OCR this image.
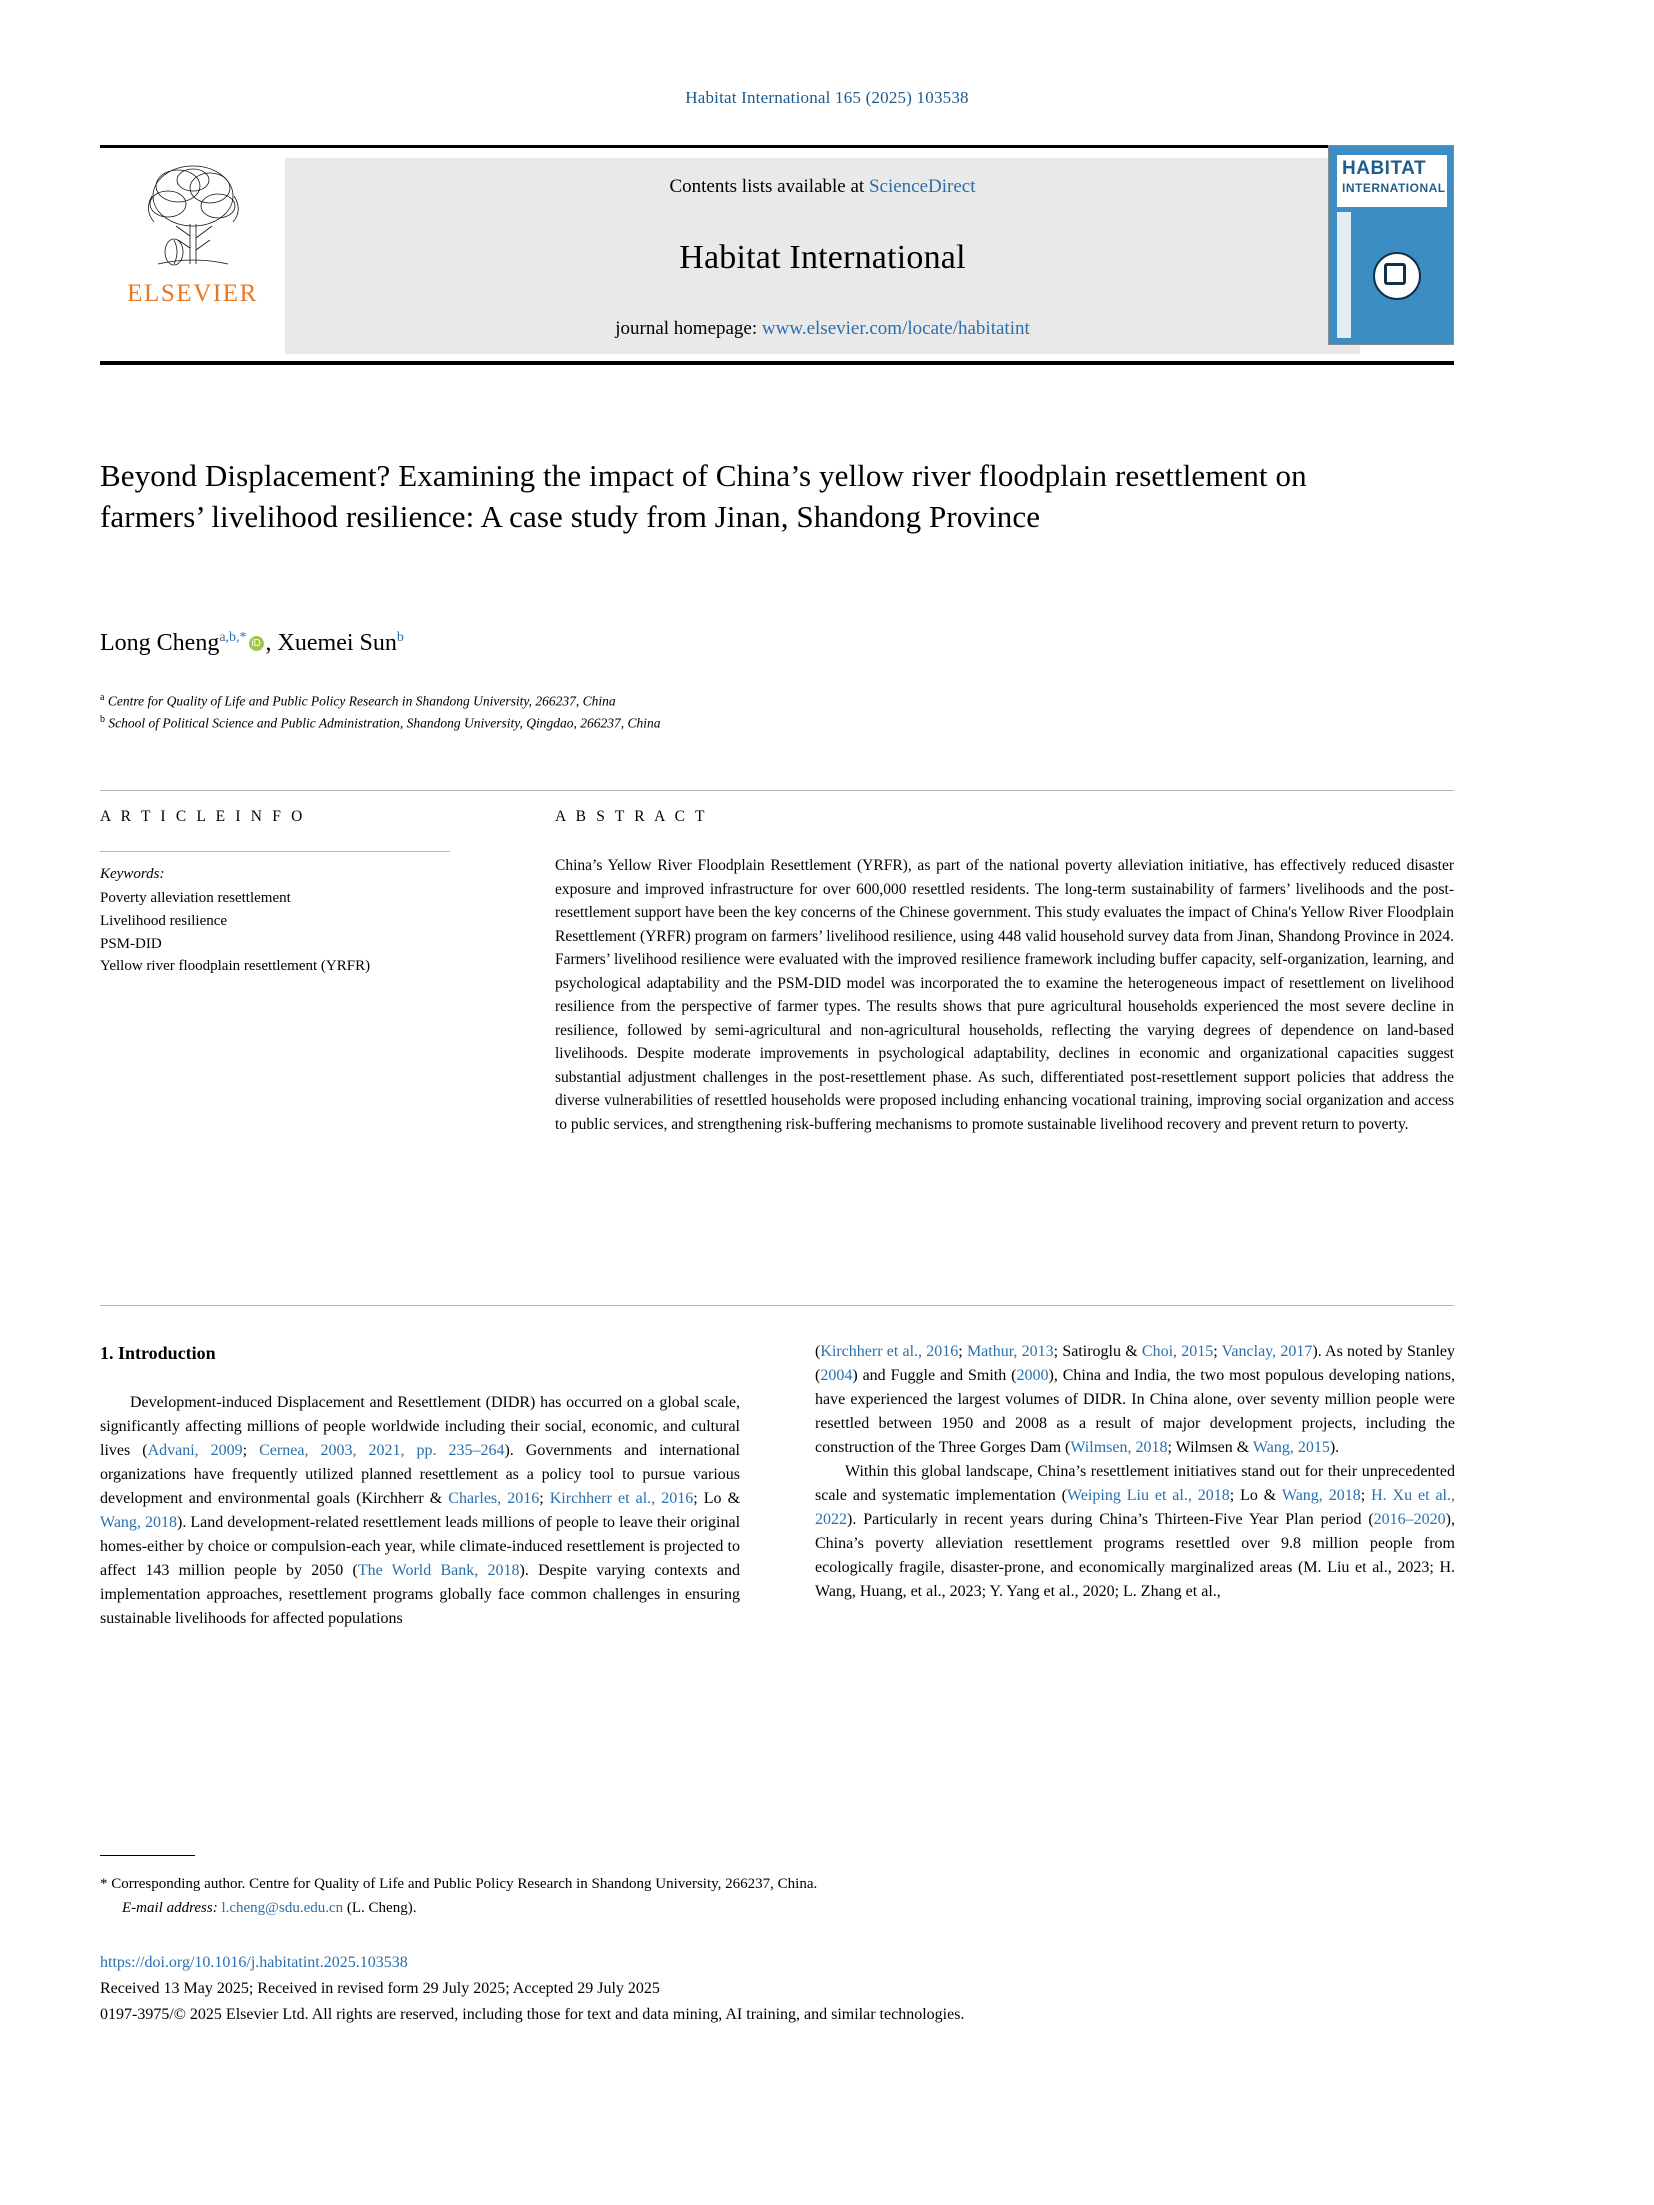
Habitat International 165 (2025) 103538
ELSEVIER
Contents lists available at ScienceDirect
Habitat International
journal homepage: www.elsevier.com/locate/habitatint
HABITAT
INTERNATIONAL
Beyond Displacement? Examining the impact of China’s yellow river floodplain resettlement on farmers’ livelihood resilience: A case study from Jinan, Shandong Province
Long Cheng$^{a,b,*}$ iD , Xuemei Sun$^b$
$^a$ Centre for Quality of Life and Public Policy Research in Shandong University, 266237, China
$^b$ School of Political Science and Public Administration, Shandong University, Qingdao, 266237, China
A R T I C L E I N F O
Keywords:
Poverty alleviation resettlement
Livelihood resilience
PSM-DID
Yellow river floodplain resettlement (YRFR)
A B S T R A C T
China’s Yellow River Floodplain Resettlement (YRFR), as part of the national poverty alleviation initiative, has effectively reduced disaster exposure and improved infrastructure for over 600,000 resettled residents. The long-term sustainability of farmers’ livelihoods and the post-resettlement support have been the key concerns of the Chinese government. This study evaluates the impact of China's Yellow River Floodplain Resettlement (YRFR) program on farmers’ livelihood resilience, using 448 valid household survey data from Jinan, Shandong Province in 2024. Farmers’ livelihood resilience were evaluated with the improved resilience framework including buffer capacity, self-organization, learning, and psychological adaptability and the PSM-DID model was incorporated the to examine the heterogeneous impact of resettlement on livelihood resilience from the perspective of farmer types. The results shows that pure agricultural households experienced the most severe decline in resilience, followed by semi-agricultural and non-agricultural households, reflecting the varying degrees of dependence on land-based livelihoods. Despite moderate improvements in psychological adaptability, declines in economic and organizational capacities suggest substantial adjustment challenges in the post-resettlement phase. As such, differentiated post-resettlement support policies that address the diverse vulnerabilities of resettled households were proposed including enhancing vocational training, improving social organization and access to public services, and strengthening risk-buffering mechanisms to promote sustainable livelihood recovery and prevent return to poverty.
1. Introduction

Development-induced Displacement and Resettlement (DIDR) has occurred on a global scale, significantly affecting millions of people worldwide including their social, economic, and cultural lives (Advani, 2009; Cernea, 2003, 2021, pp. 235–264). Governments and international organizations have frequently utilized planned resettlement as a policy tool to pursue various development and environmental goals (Kirchherr & Charles, 2016; Kirchherr et al., 2016; Lo & Wang, 2018). Land development-related resettlement leads millions of people to leave their original homes-either by choice or compulsion-each year, while climate-induced resettlement is projected to affect 143 million people by 2050 (The World Bank, 2018). Despite varying contexts and implementation approaches, resettlement programs globally face common challenges in ensuring sustainable livelihoods for affected populations

(Kirchherr et al., 2016; Mathur, 2013; Satiroglu & Choi, 2015; Vanclay, 2017). As noted by Stanley (2004) and Fuggle and Smith (2000), China and India, the two most populous developing nations, have experienced the largest volumes of DIDR. In China alone, over seventy million people were resettled between 1950 and 2008 as a result of major development projects, including the construction of the Three Gorges Dam (Wilmsen, 2018; Wilmsen & Wang, 2015).

Within this global landscape, China’s resettlement initiatives stand out for their unprecedented scale and systematic implementation (Weiping Liu et al., 2018; Lo & Wang, 2018; H. Xu et al., 2022). Particularly in recent years during China’s Thirteen-Five Year Plan period (2016–2020), China’s poverty alleviation resettlement programs resettled over 9.8 million people from ecologically fragile, disaster-prone, and economically marginalized areas (M. Liu et al., 2023; H. Wang, Huang, et al., 2023; Y. Yang et al., 2020; L. Zhang et al.,

* Corresponding author. Centre for Quality of Life and Public Policy Research in Shandong University, 266237, China.
E-mail address: l.cheng@sdu.edu.cn (L. Cheng).
https://doi.org/10.1016/j.habitatint.2025.103538
Received 13 May 2025; Received in revised form 29 July 2025; Accepted 29 July 2025
0197-3975/© 2025 Elsevier Ltd. All rights are reserved, including those for text and data mining, AI training, and similar technologies.
